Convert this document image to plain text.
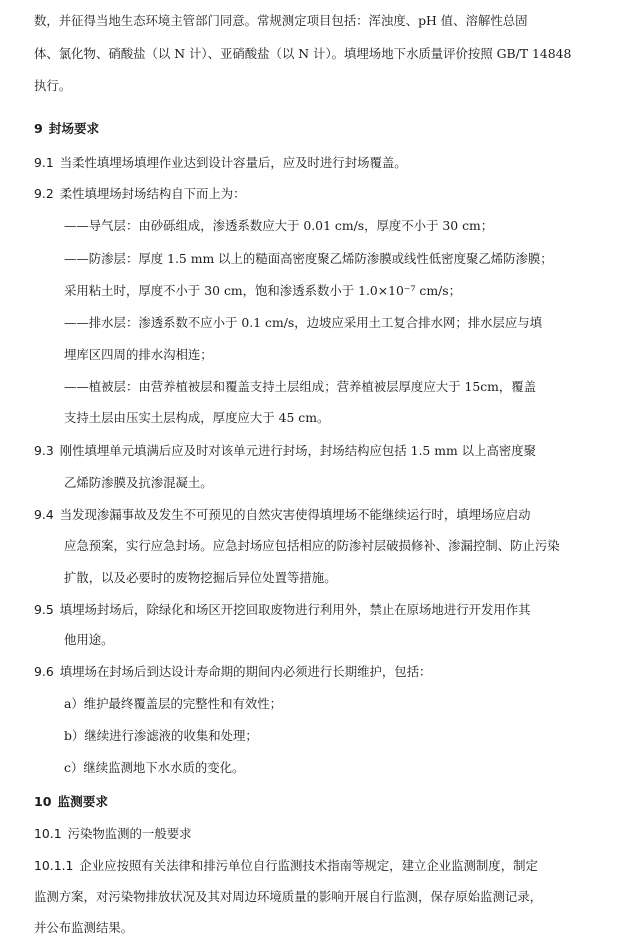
数，并征得当地生态环境主管部门同意。常规测定项目包括：浑浊度、pH 值、溶解性总固
体、氯化物、硝酸盐（以 N 计）、亚硝酸盐（以 N 计）。填埋场地下水质量评价按照 GB/T 14848
执行。
9 封场要求
9.1 当柔性填埋场填埋作业达到设计容量后，应及时进行封场覆盖。
9.2 柔性填埋场封场结构自下而上为：
——导气层：由砂砾组成，渗透系数应大于 0.01 cm/s，厚度不小于 30 cm；
——防渗层：厚度 1.5 mm 以上的糙面高密度聚乙烯防渗膜或线性低密度聚乙烯防渗膜；
采用粘土时，厚度不小于 30 cm，饱和渗透系数小于 1.0×10⁻⁷ cm/s；
——排水层：渗透系数不应小于 0.1 cm/s，边坡应采用土工复合排水网；排水层应与填
埋库区四周的排水沟相连；
——植被层：由营养植被层和覆盖支持土层组成；营养植被层厚度应大于 15cm，覆盖
支持土层由压实土层构成，厚度应大于 45 cm。
9.3 刚性填埋单元填满后应及时对该单元进行封场，封场结构应包括 1.5 mm 以上高密度聚
乙烯防渗膜及抗渗混凝土。
9.4 当发现渗漏事故及发生不可预见的自然灾害使得填埋场不能继续运行时，填埋场应启动
应急预案，实行应急封场。应急封场应包括相应的防渗衬层破损修补、渗漏控制、防止污染
扩散，以及必要时的废物挖掘后异位处置等措施。
9.5 填埋场封场后，除绿化和场区开挖回取废物进行利用外，禁止在原场地进行开发用作其
他用途。
9.6 填埋场在封场后到达设计寿命期的期间内必须进行长期维护，包括：
a）维护最终覆盖层的完整性和有效性；
b）继续进行渗滤液的收集和处理；
c）继续监测地下水水质的变化。
10 监测要求
10.1 污染物监测的一般要求
10.1.1 企业应按照有关法律和排污单位自行监测技术指南等规定，建立企业监测制度，制定
监测方案，对污染物排放状况及其对周边环境质量的影响开展自行监测，保存原始监测记录，
并公布监测结果。
